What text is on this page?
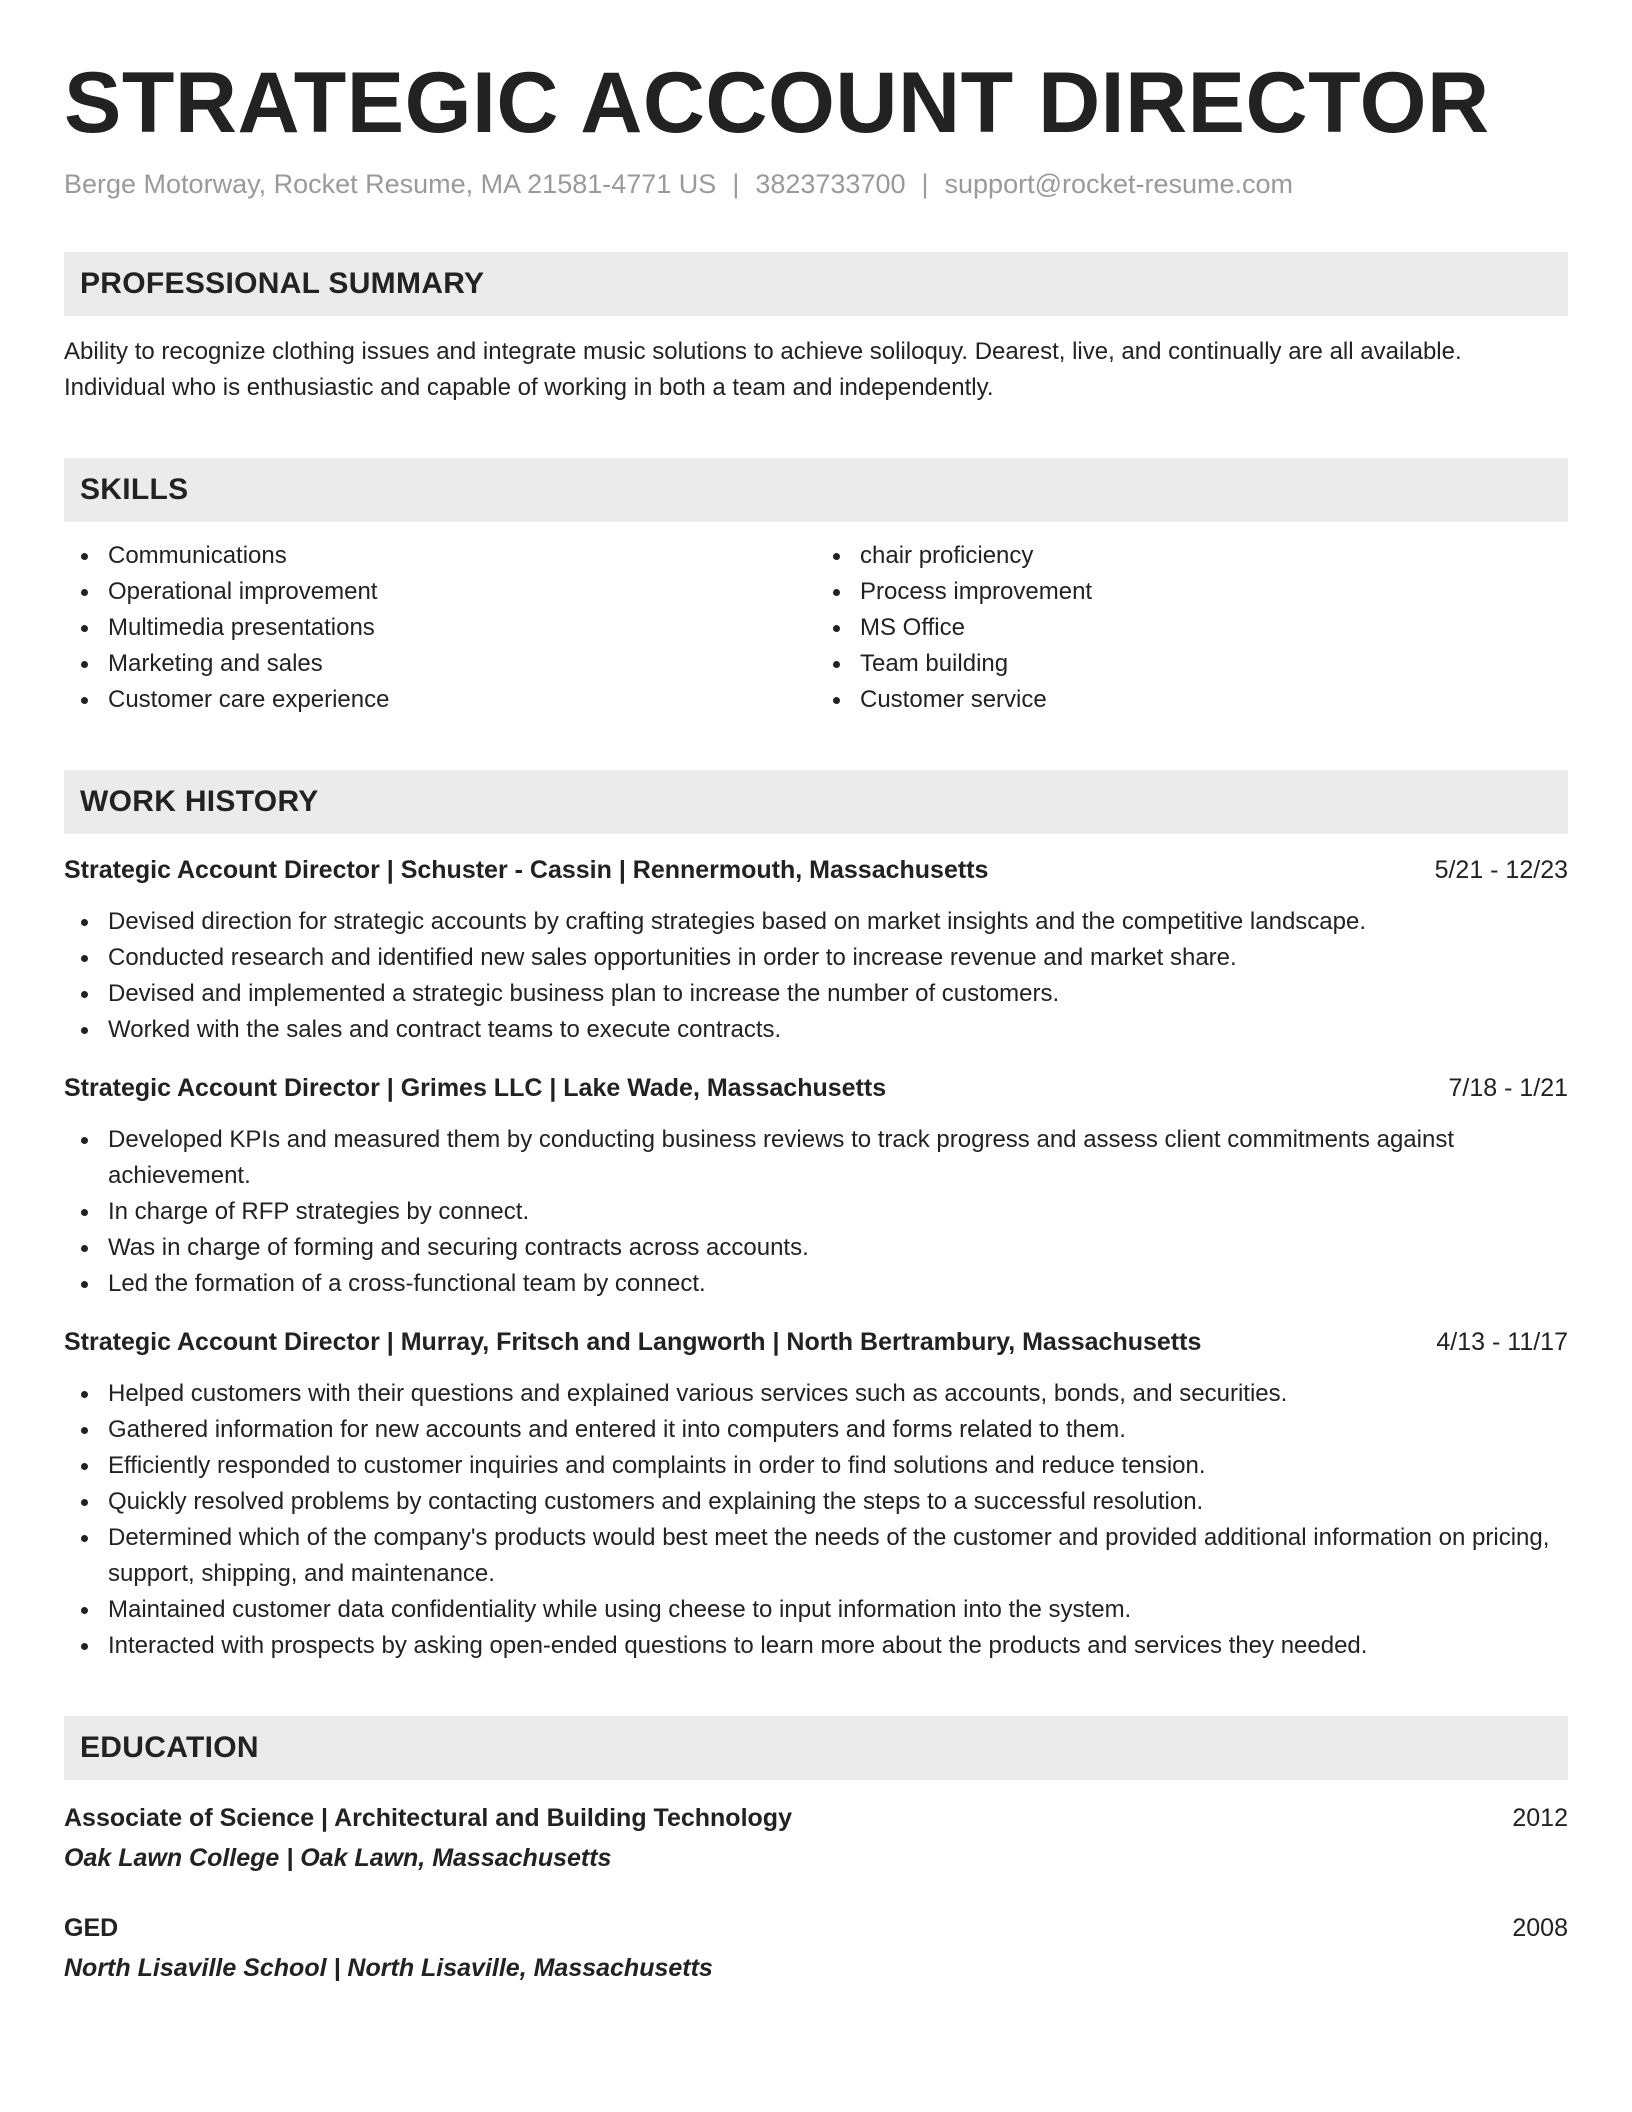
STRATEGIC ACCOUNT DIRECTOR
Berge Motorway, Rocket Resume, MA 21581-4771 US | 3823733700 | support@rocket-resume.com
PROFESSIONAL SUMMARY
Ability to recognize clothing issues and integrate music solutions to achieve soliloquy. Dearest, live, and continually are all available. Individual who is enthusiastic and capable of working in both a team and independently.
SKILLS
Communications
Operational improvement
Multimedia presentations
Marketing and sales
Customer care experience
chair proficiency
Process improvement
MS Office
Team building
Customer service
WORK HISTORY
Strategic Account Director | Schuster - Cassin | Rennermouth, Massachusetts	5/21 - 12/23
Devised direction for strategic accounts by crafting strategies based on market insights and the competitive landscape.
Conducted research and identified new sales opportunities in order to increase revenue and market share.
Devised and implemented a strategic business plan to increase the number of customers.
Worked with the sales and contract teams to execute contracts.
Strategic Account Director | Grimes LLC | Lake Wade, Massachusetts	7/18 - 1/21
Developed KPIs and measured them by conducting business reviews to track progress and assess client commitments against achievement.
In charge of RFP strategies by connect.
Was in charge of forming and securing contracts across accounts.
Led the formation of a cross-functional team by connect.
Strategic Account Director | Murray, Fritsch and Langworth | North Bertrambury, Massachusetts	4/13 - 11/17
Helped customers with their questions and explained various services such as accounts, bonds, and securities.
Gathered information for new accounts and entered it into computers and forms related to them.
Efficiently responded to customer inquiries and complaints in order to find solutions and reduce tension.
Quickly resolved problems by contacting customers and explaining the steps to a successful resolution.
Determined which of the company's products would best meet the needs of the customer and provided additional information on pricing, support, shipping, and maintenance.
Maintained customer data confidentiality while using cheese to input information into the system.
Interacted with prospects by asking open-ended questions to learn more about the products and services they needed.
EDUCATION
Associate of Science | Architectural and Building Technology	2012
Oak Lawn College | Oak Lawn, Massachusetts
GED	2008
North Lisaville School | North Lisaville, Massachusetts
